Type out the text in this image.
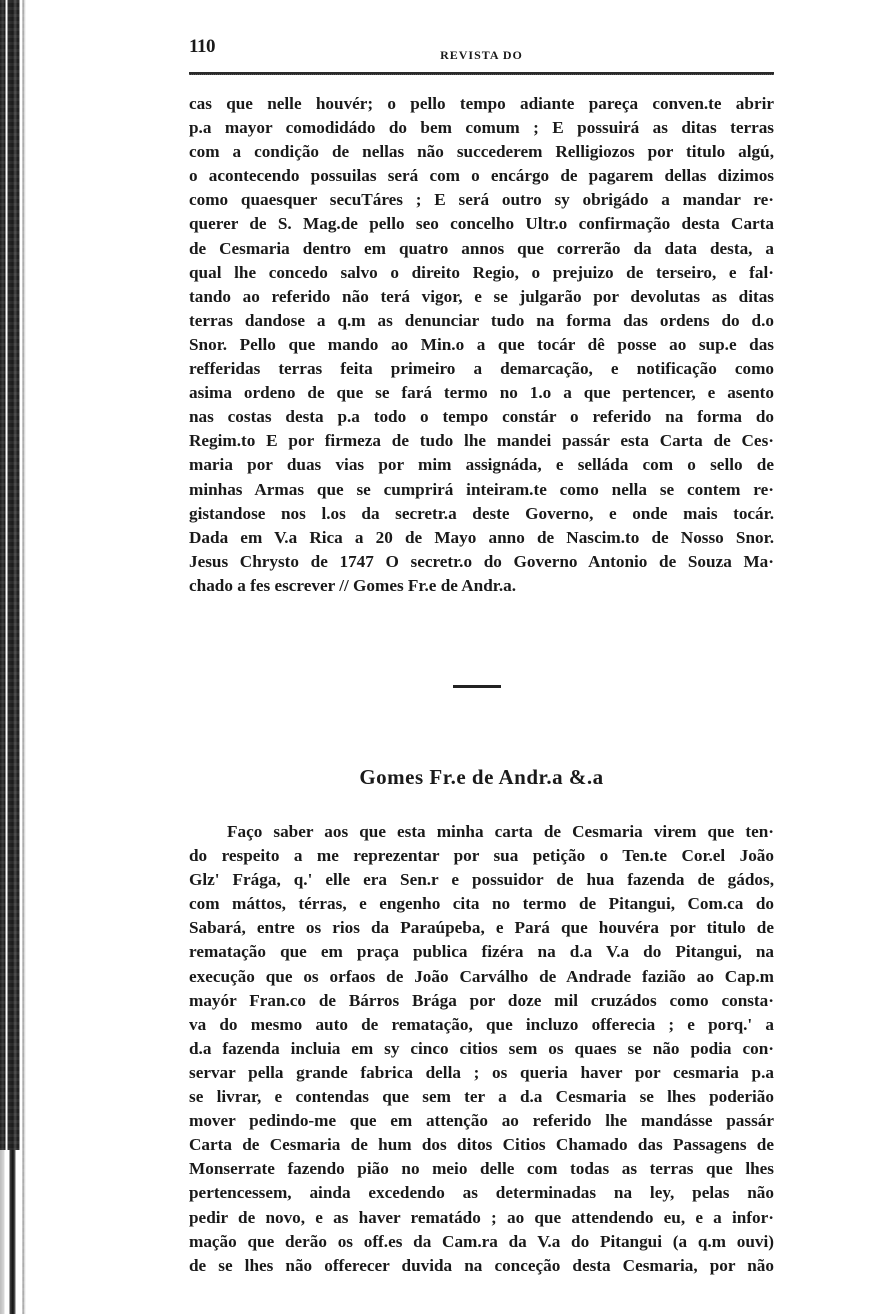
110	REVISTA DO
cas que nelle houvér; o pello tempo adiante pareça conven.te abrir
p.a mayor comodidádo do bem comum ; E possuirá as ditas terras
com a condição de nellas não succederem Relligiozos por titulo algú,
o acontecendo possuilas será com o encárgo de pagarem dellas dizimos
como quaesquer secuTáres ; E será outro sy obrigádo a mandar re·
querer de S. Mag.de pello seo concelho Ultr.o confirmação desta Carta
de Cesmaria dentro em quatro annos que correrão da data desta, a
qual lhe concedo salvo o direito Regio, o prejuizo de terseiro, e fal·
tando ao referido não terá vigor, e se julgarão por devolutas as ditas
terras dandose a q.m as denunciar tudo na forma das ordens do d.o
Snor. Pello que mando ao Min.o a que tocár dê posse ao sup.e das
refferidas terras feita primeiro a demarcação, e notificação como
asima ordeno de que se fará termo no 1.o a que pertencer, e asento
nas costas desta p.a todo o tempo constár o referido na forma do
Regim.to E por firmeza de tudo lhe mandei passár esta Carta de Ces·
maria por duas vias por mim assignáda, e selláda com o sello de
minhas Armas que se cumprirá inteiram.te como nella se contem re·
gistandose nos l.os da secretr.a deste Governo, e onde mais tocár.
Dada em V.a Rica a 20 de Mayo anno de Nascim.to de Nosso Snor.
Jesus Chrysto de 1747 O secretr.o do Governo Antonio de Souza Ma·
chado a fes escrever // Gomes Fr.e de Andr.a.
Gomes Fr.e de Andr.a &.a
Faço saber aos que esta minha carta de Cesmaria virem que ten·
do respeito a me reprezentar por sua petição o Ten.te Cor.el João
Glz' Frága, q.' elle era Sen.r e possuidor de hua fazenda de gádos,
com máttos, térras, e engenho cita no termo de Pitangui, Com.ca do
Sabará, entre os rios da Paraúpeba, e Pará que houvéra por titulo de
rematação que em praça publica fizéra na d.a V.a do Pitangui, na
execução que os orfaos de João Carválho de Andrade fazião ao Cap.m
mayór Fran.co de Bárros Brága por doze mil cruzádos como consta·
va do mesmo auto de rematação, que incluzo offerecia ; e porq.' a
d.a fazenda incluia em sy cinco citios sem os quaes se não podia con·
servar pella grande fabrica della ; os queria haver por cesmaria p.a
se livrar, e contendas que sem ter a d.a Cesmaria se lhes poderião
mover pedindo-me que em attenção ao referido lhe mandásse passár
Carta de Cesmaria de hum dos ditos Citios Chamado das Passagens de
Monserrate fazendo pião no meio delle com todas as terras que lhes
pertencessem, ainda excedendo as determinadas na ley, pelas não
pedir de novo, e as haver rematádo ; ao que attendendo eu, e a infor·
mação que derão os off.es da Cam.ra da V.a do Pitangui (a q.m ouvi)
de se lhes não offerecer duvida na conceção desta Cesmaria, por não
